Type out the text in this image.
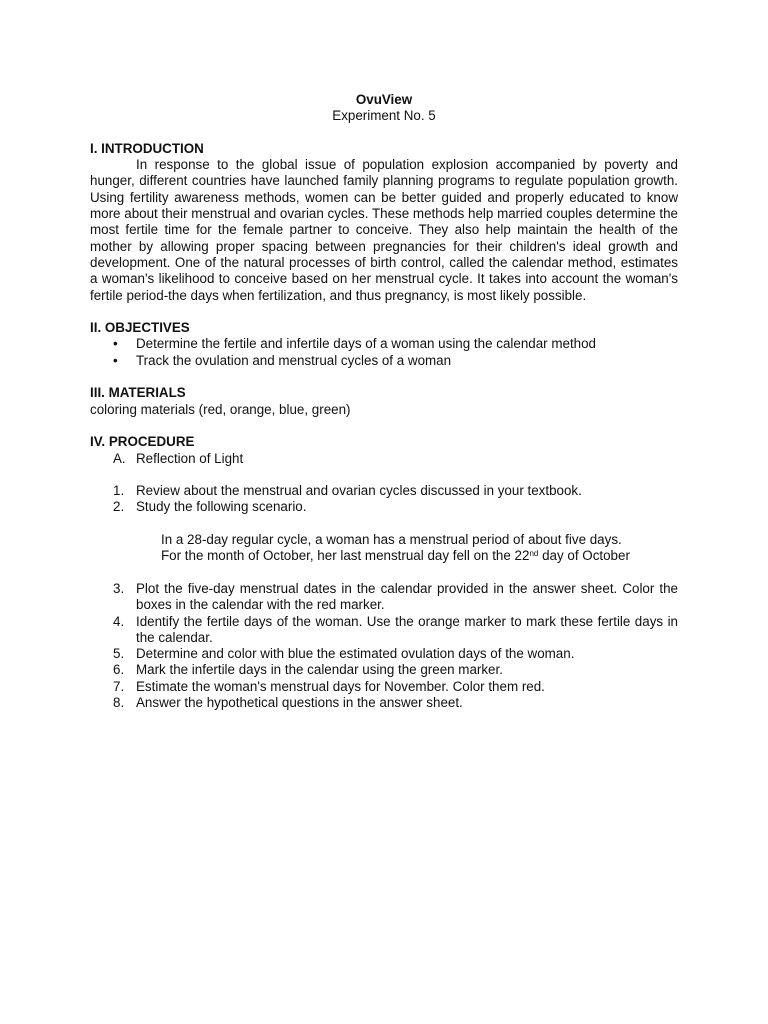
OvuView
Experiment No. 5
I. INTRODUCTION
In response to the global issue of population explosion accompanied by poverty and hunger, different countries have launched family planning programs to regulate population growth. Using fertility awareness methods, women can be better guided and properly educated to know more about their menstrual and ovarian cycles. These methods help married couples determine the most fertile time for the female partner to conceive. They also help maintain the health of the mother by allowing proper spacing between pregnancies for their children's ideal growth and development. One of the natural processes of birth control, called the calendar method, estimates a woman's likelihood to conceive based on her menstrual cycle. It takes into account the woman's fertile period-the days when fertilization, and thus pregnancy, is most likely possible.
II. OBJECTIVES
• Determine the fertile and infertile days of a woman using the calendar method
• Track the ovulation and menstrual cycles of a woman
III. MATERIALS
coloring materials (red, orange, blue, green)
IV. PROCEDURE
A. Reflection of Light
1. Review about the menstrual and ovarian cycles discussed in your textbook.
2. Study the following scenario.
In a 28-day regular cycle, a woman has a menstrual period of about five days.
For the month of October, her last menstrual day fell on the 22nd day of October
3. Plot the five-day menstrual dates in the calendar provided in the answer sheet. Color the boxes in the calendar with the red marker.
4. Identify the fertile days of the woman. Use the orange marker to mark these fertile days in the calendar.
5. Determine and color with blue the estimated ovulation days of the woman.
6. Mark the infertile days in the calendar using the green marker.
7. Estimate the woman's menstrual days for November. Color them red.
8. Answer the hypothetical questions in the answer sheet.
